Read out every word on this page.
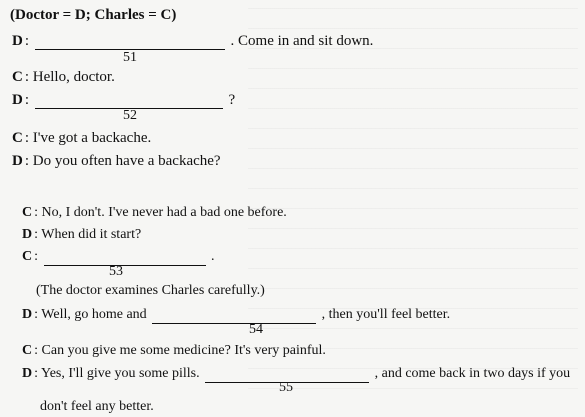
(Doctor = D; Charles = C)
D :	. Come in and sit down.
51
C : Hello, doctor.
D :	?
52
C : I've got a backache.
D : Do you often have a backache?
C : No, I don't. I've never had a bad one before.
D : When did it start?
C :	.
53
(The doctor examines Charles carefully.)
D : Well, go home and	, then you'll feel better.
54
C : Can you give me some medicine? It's very painful.
D : Yes, I'll give you some pills.	, and come back in two days if you
55
don't feel any better.
